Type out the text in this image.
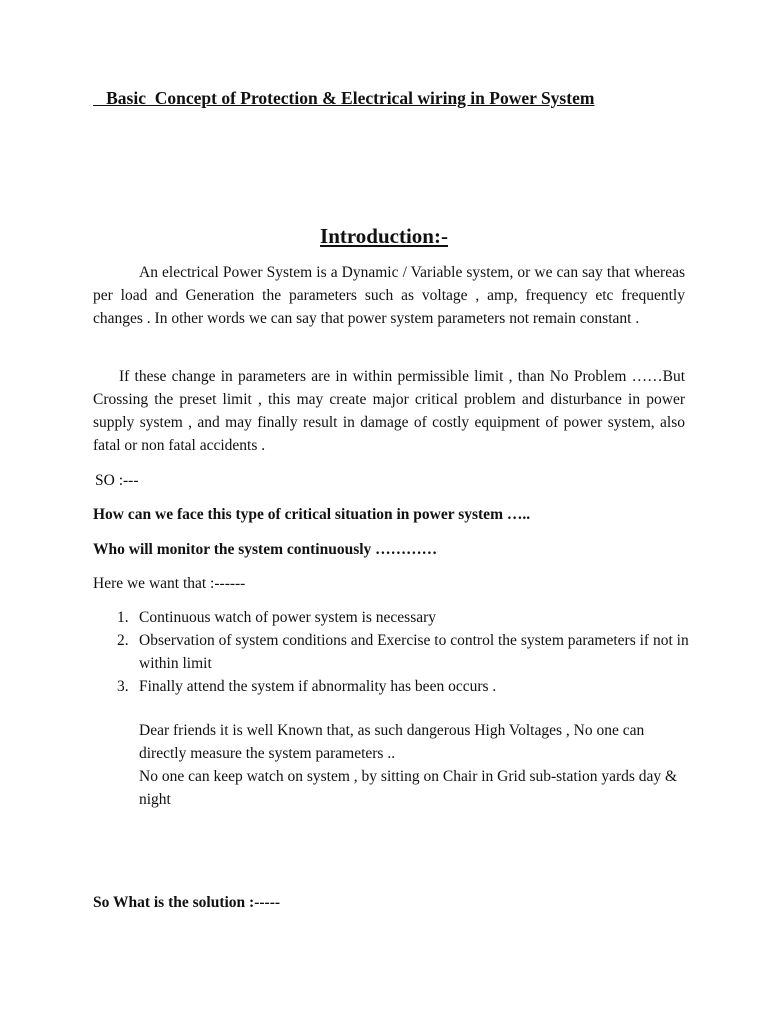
Basic  Concept of Protection & Electrical wiring in Power System
Introduction:-

An electrical Power System is a Dynamic / Variable system, or we can say that whereas per load and Generation the parameters such as voltage , amp, frequency etc frequently changes . In other words we can say that power system parameters not remain constant .

If these change in parameters are in within permissible limit , than No Problem ……But Crossing the preset limit , this may create major critical problem and disturbance in power supply system , and may finally result in damage of costly equipment of power system, also fatal or non fatal accidents .

SO :---
How can we face this type of critical situation in power system …..
Who will monitor the system continuously …………
Here we want that :------
1. Continuous watch of power system is necessary
2. Observation of system conditions and Exercise to control the system parameters if not in within limit
3. Finally attend the system if abnormality has been occurs .

Dear friends it is well Known that, as such dangerous High Voltages , No one can directly measure the system parameters ..

No one can keep watch on system , by sitting on Chair in Grid sub-station yards day & night

So What is the solution :-----
